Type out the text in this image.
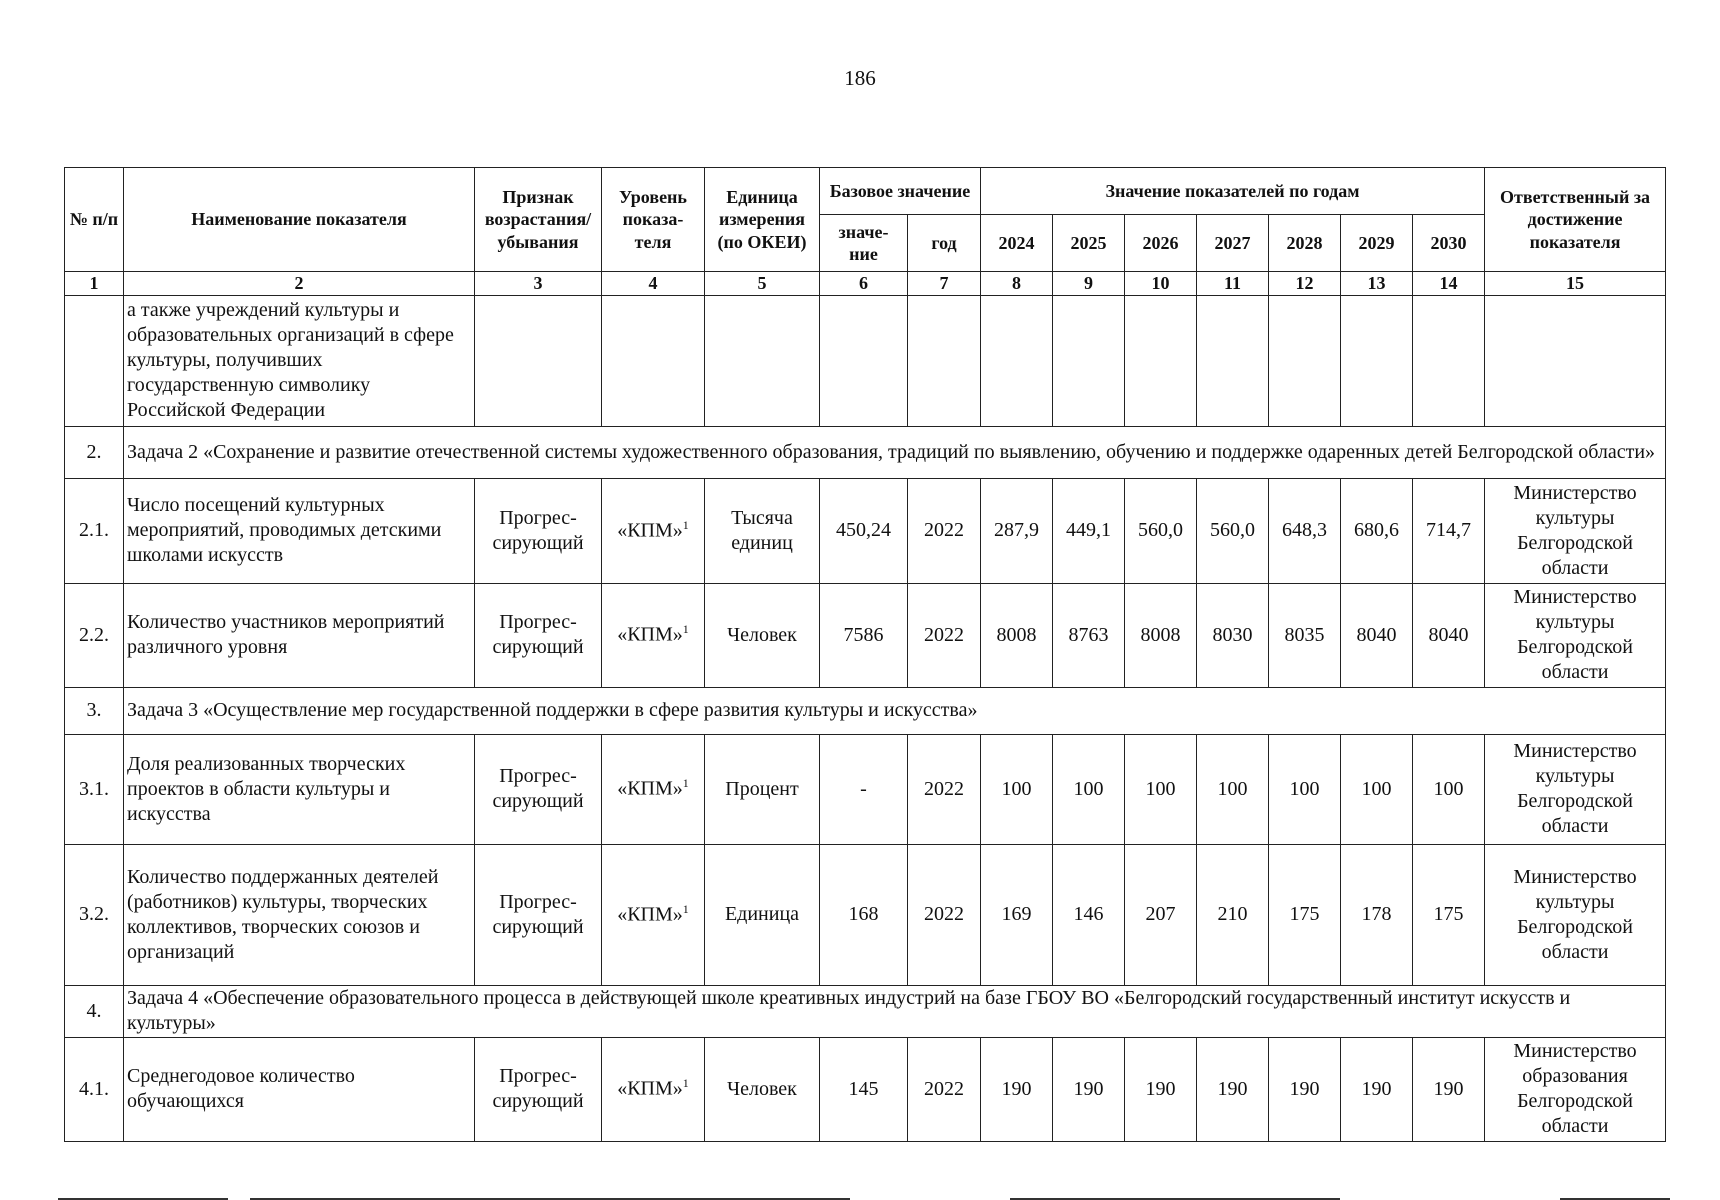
186
№ п/п	Наименование показателя	Признак возрастания/ убывания	Уровень показа- теля	Единица измерения (по ОКЕИ)	Базовое значение		Значение показателей по годам							Ответственный за достижение показателя
					значе- ние	год	2024	2025	2026	2027	2028	2029	2030	
1	2	3	4	5	6	7	8	9	10	11	12	13	14	15
	а также учреждений культуры и образовательных организаций в сфере культуры, получивших государственную символику Российской Федерации													
2.	Задача 2 «Сохранение и развитие отечественной системы художественного образования, традиций по выявлению, обучению и поддержке одаренных детей Белгородской области»													
2.1.	Число посещений культурных мероприятий, проводимых детскими школами искусств	Прогрес- сирующий	«КПМ»$^1$	Тысяча единиц	450,24	2022	287,9	449,1	560,0	560,0	648,3	680,6	714,7	Министерство культуры Белгородской области
2.2.	Количество участников мероприятий различного уровня	Прогрес- сирующий	«КПМ»$^1$	Человек	7586	2022	8008	8763	8008	8030	8035	8040	8040	Министерство культуры Белгородской области
3.	Задача 3 «Осуществление мер государственной поддержки в сфере развития культуры и искусства»													
3.1.	Доля реализованных творческих проектов в области культуры и искусства	Прогрес- сирующий	«КПМ»$^1$	Процент	-	2022	100	100	100	100	100	100	100	Министерство культуры Белгородской области
3.2.	Количество поддержанных деятелей (работников) культуры, творческих коллективов, творческих союзов и организаций	Прогрес- сирующий	«КПМ»$^1$	Единица	168	2022	169	146	207	210	175	178	175	Министерство культуры Белгородской области
4.	Задача 4 «Обеспечение образовательного процесса в действующей школе креативных индустрий на базе ГБОУ ВО «Белгородский государственный институт искусств и культуры»													
4.1.	Среднегодовое количество обучающихся	Прогрес- сирующий	«КПМ»$^1$	Человек	145	2022	190	190	190	190	190	190	190	Министерство образования Белгородской области
